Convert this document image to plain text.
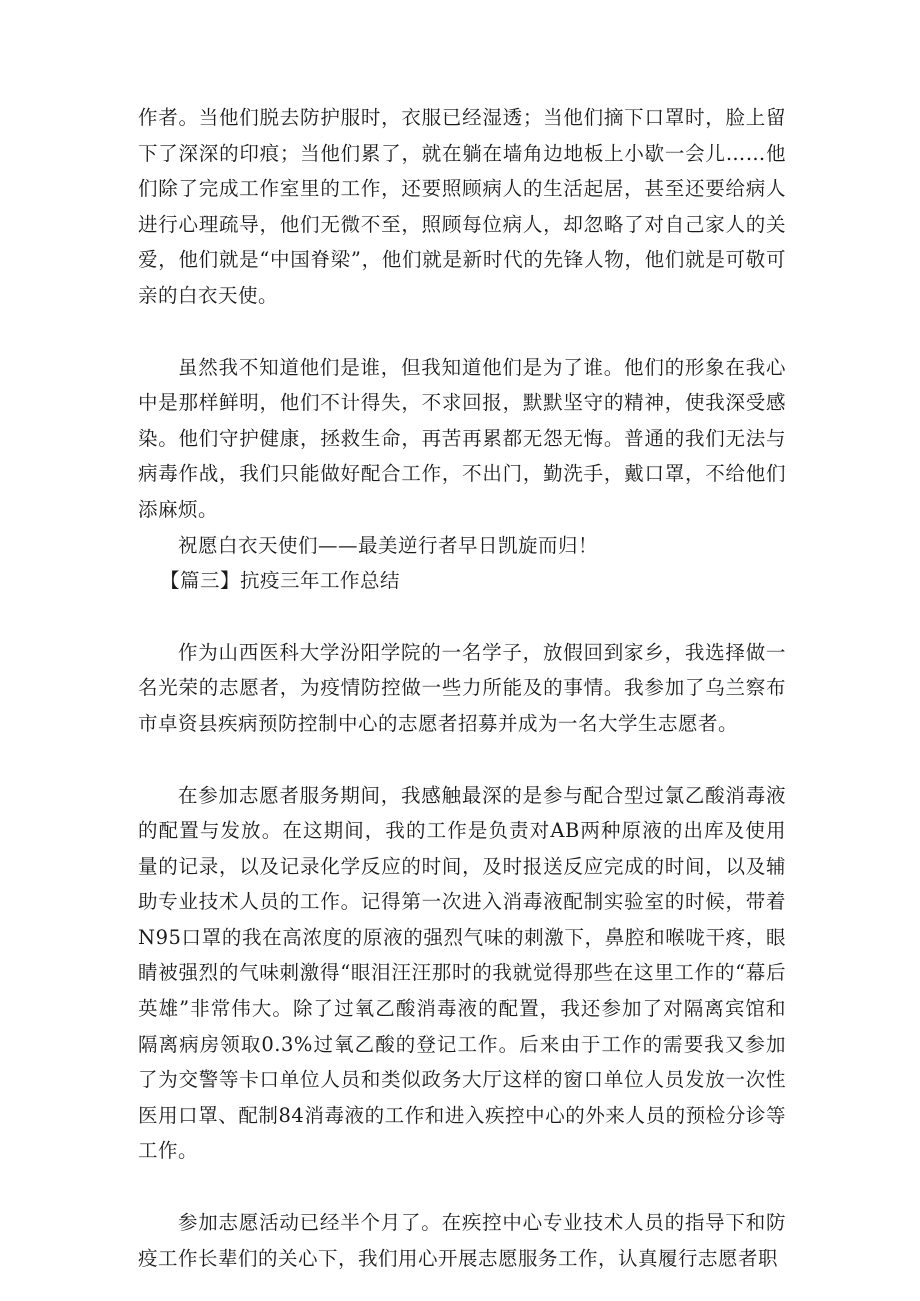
作者。当他们脱去防护服时，衣服已经湿透；当他们摘下口罩时，脸上留下了深深的印痕；当他们累了，就在躺在墙角边地板上小歇一会儿……他们除了完成工作室里的工作，还要照顾病人的生活起居，甚至还要给病人进行心理疏导，他们无微不至，照顾每位病人，却忽略了对自己家人的关爱，他们就是“中国脊梁”，他们就是新时代的先锋人物，他们就是可敬可亲的白衣天使。

虽然我不知道他们是谁，但我知道他们是为了谁。他们的形象在我心中是那样鲜明，他们不计得失，不求回报，默默坚守的精神，使我深受感染。他们守护健康，拯救生命，再苦再累都无怨无悔。普通的我们无法与病毒作战，我们只能做好配合工作，不出门，勤洗手，戴口罩，不给他们添麻烦。

祝愿白衣天使们——最美逆行者早日凯旋而归！

【篇三】抗疫三年工作总结

作为山西医科大学汾阳学院的一名学子，放假回到家乡，我选择做一名光荣的志愿者，为疫情防控做一些力所能及的事情。我参加了乌兰察布市卓资县疾病预防控制中心的志愿者招募并成为一名大学生志愿者。

在参加志愿者服务期间，我感触最深的是参与配合型过氯乙酸消毒液的配置与发放。在这期间，我的工作是负责对AB两种原液的出库及使用量的记录，以及记录化学反应的时间，及时报送反应完成的时间，以及辅助专业技术人员的工作。记得第一次进入消毒液配制实验室的时候，带着N95口罩的我在高浓度的原液的强烈气味的刺激下，鼻腔和喉咙干疼，眼睛被强烈的气味刺激得“眼泪汪汪那时的我就觉得那些在这里工作的“幕后英雄”非常伟大。除了过氧乙酸消毒液的配置，我还参加了对隔离宾馆和隔离病房领取0.3%过氧乙酸的登记工作。后来由于工作的需要我又参加了为交警等卡口单位人员和类似政务大厅这样的窗口单位人员发放一次性医用口罩、配制84消毒液的工作和进入疾控中心的外来人员的预检分诊等工作。

参加志愿活动已经半个月了。在疾控中心专业技术人员的指导下和防疫工作长辈们的关心下，我们用心开展志愿服务工作，认真履行志愿者职
